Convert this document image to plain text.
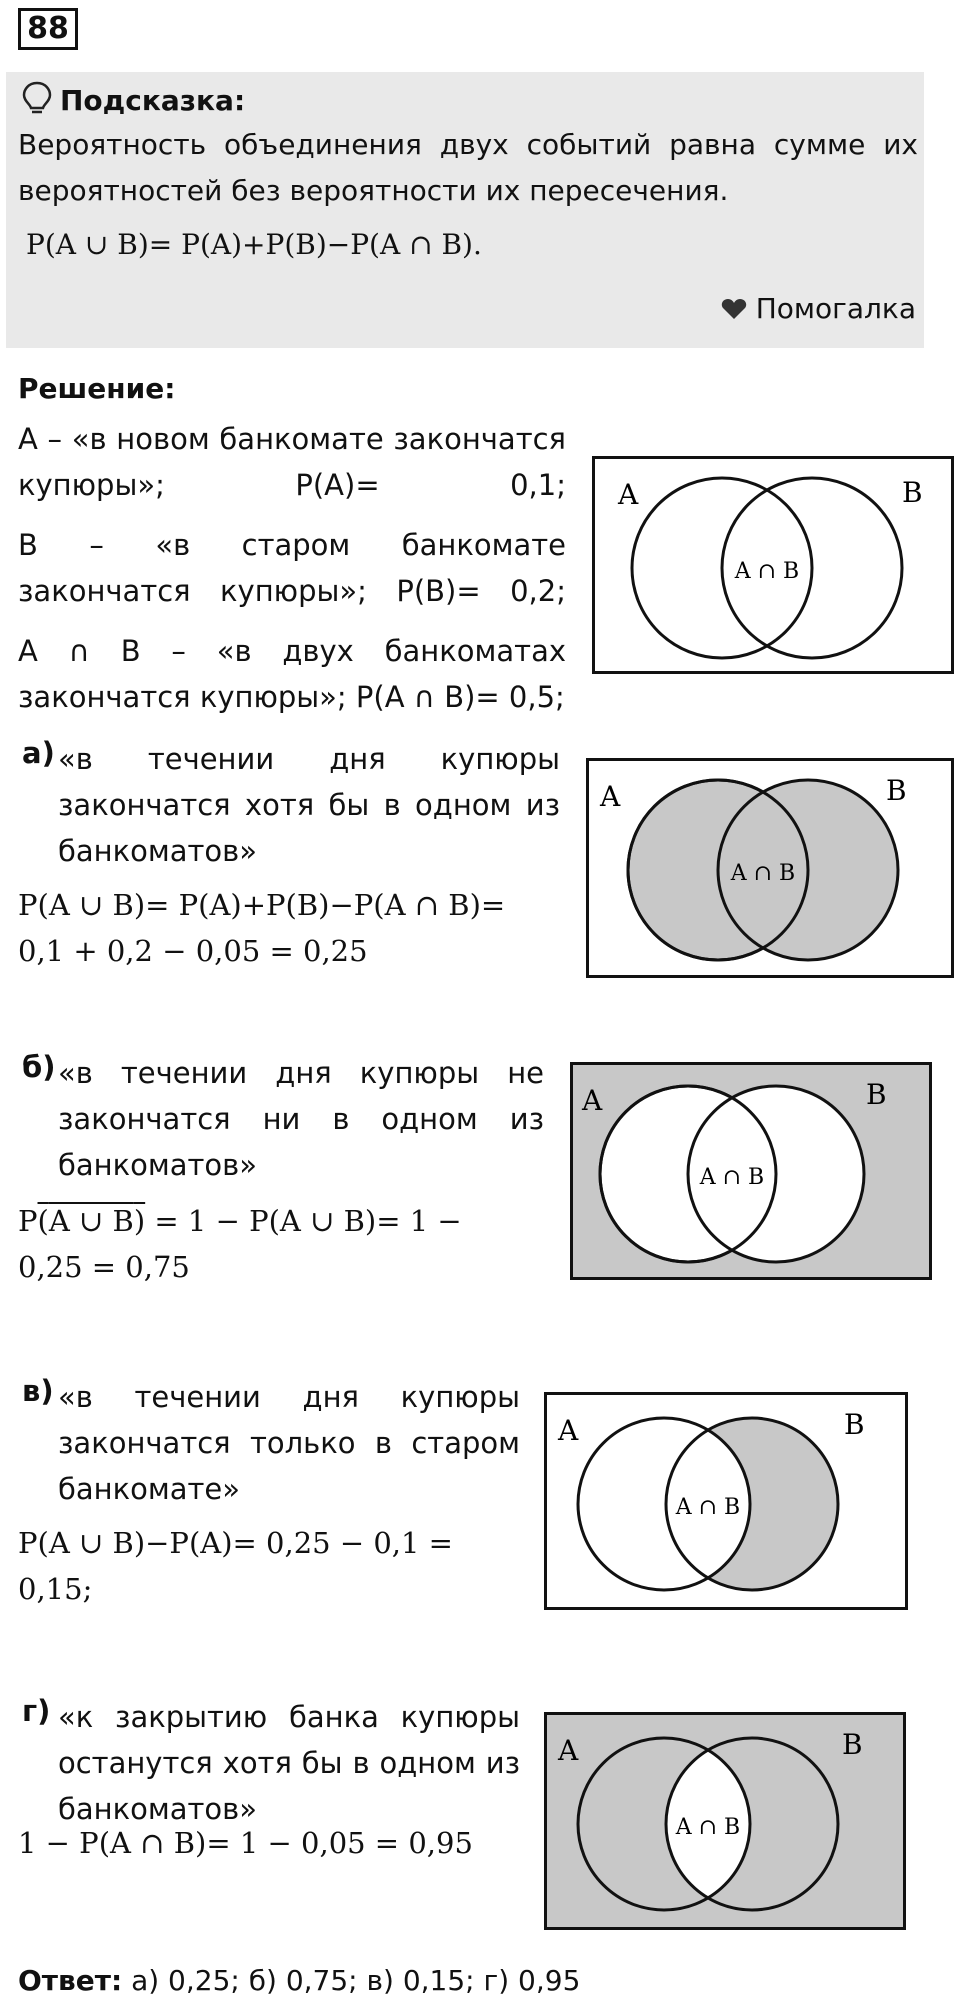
88
Подсказка:
Вероятность объединения двух событий равна сумме их вероятностей без вероятности их пересечения.
P(A ∪ B)= P(A)+P(B)−P(A ∩ B).
Помогалка
Решение:
А – «в новом банкомате закончатся купюры»; P(A)= 0,1;
В – «в старом банкомате закончатся купюры»; P(B)= 0,2;
A ∩ B – «в двух банкоматах закончатся купюры»; P(A ∩ B)= 0,5;
A	B
A ∩ B
а) «в течении дня купюры закончатся хотя бы в одном из банкоматов»
P(A ∪ B)= P(A)+P(B)−P(A ∩ B)=
0,1 + 0,2 − 0,05 = 0,25
A	B
A ∩ B
б) «в течении дня купюры не закончатся ни в одном из банкоматов»
P(A ∪ B) = 1 − P(A ∪ B)= 1 −
0,25 = 0,75
A	B
A ∩ B
в) «в течении дня купюры закончатся только в старом банкомате»
P(A ∪ B)−P(A)= 0,25 − 0,1 =
0,15;
A	B
A ∩ B
г) «к закрытию банка купюры останутся хотя бы в одном из банкоматов»
1 − P(A ∩ B)= 1 − 0,05 = 0,95
A	B
A ∩ B
Ответ: а) 0,25; б) 0,75; в) 0,15; г) 0,95
